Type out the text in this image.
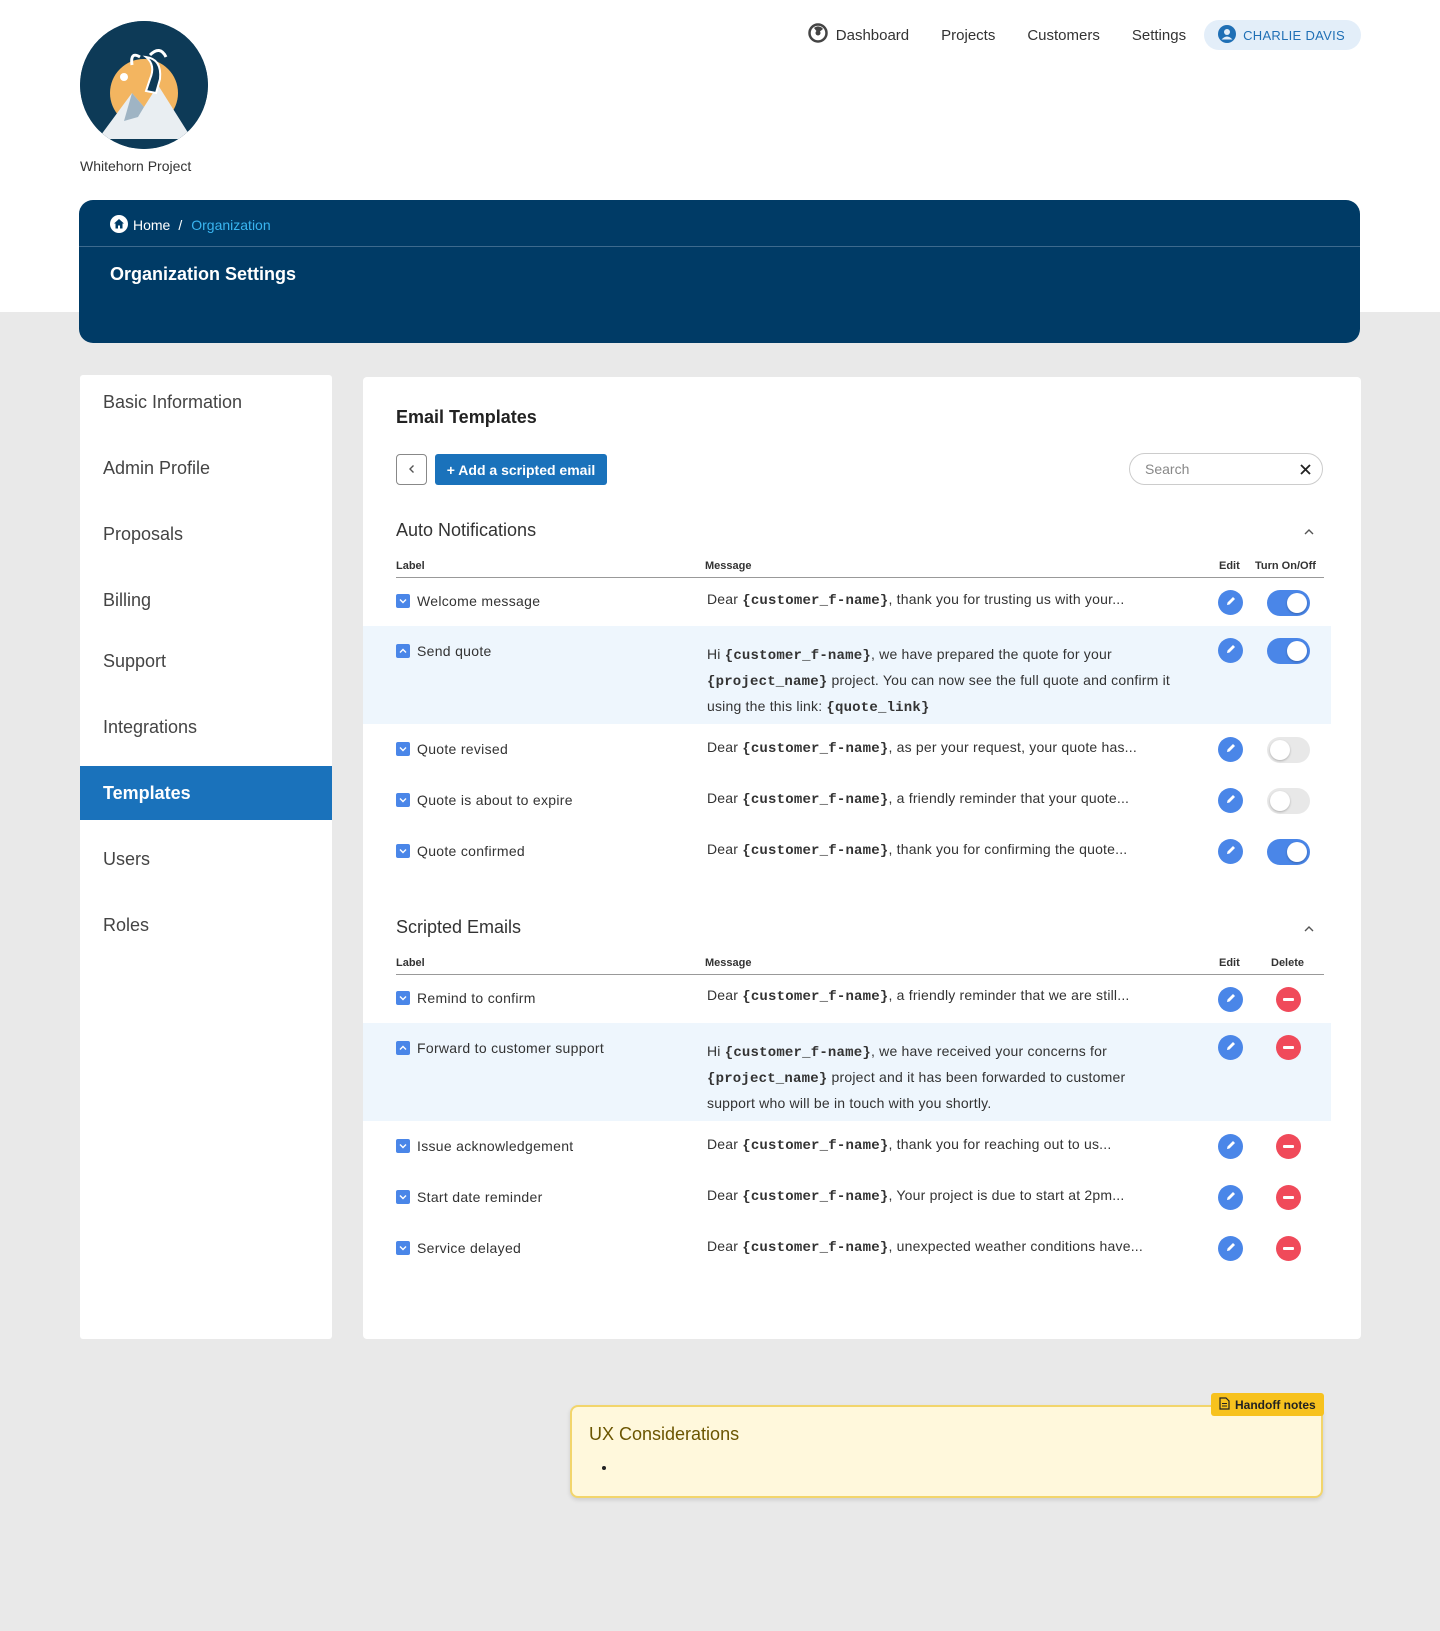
Whitehorn Project
Dashboard Projects Customers Settings	CHARLIE DAVIS
Home / Organization
Organization Settings
Basic Information
Admin Profile
Proposals
Billing
Support
Integrations
Templates
Users
Roles
Email Templates
+ Add a scripted email
Search
Auto Notifications
Label	Message	Edit Turn On/Off
Welcome message	Dear {customer_f-name}, thank you for trusting us with your...
Send quote	Hi {customer_f-name}, we have prepared the quote for your {project_name} project. You can now see the full quote and confirm it using the this link: {quote_link}
Quote revised	Dear {customer_f-name}, as per your request, your quote has...
Quote is about to expire	Dear {customer_f-name}, a friendly reminder that your quote...
Quote confirmed	Dear {customer_f-name}, thank you for confirming the quote...
Scripted Emails
Label	Message	Edit	Delete
Remind to confirm	Dear {customer_f-name}, a friendly reminder that we are still...
Forward to customer support	Hi {customer_f-name}, we have received your concerns for {project_name} project and it has been forwarded to customer support who will be in touch with you shortly.
Issue acknowledgement	Dear {customer_f-name}, thank you for reaching out to us...
Start date reminder	Dear {customer_f-name}, Your project is due to start at 2pm...
Service delayed	Dear {customer_f-name}, unexpected weather conditions have...
UX Considerations
Handoff notes
